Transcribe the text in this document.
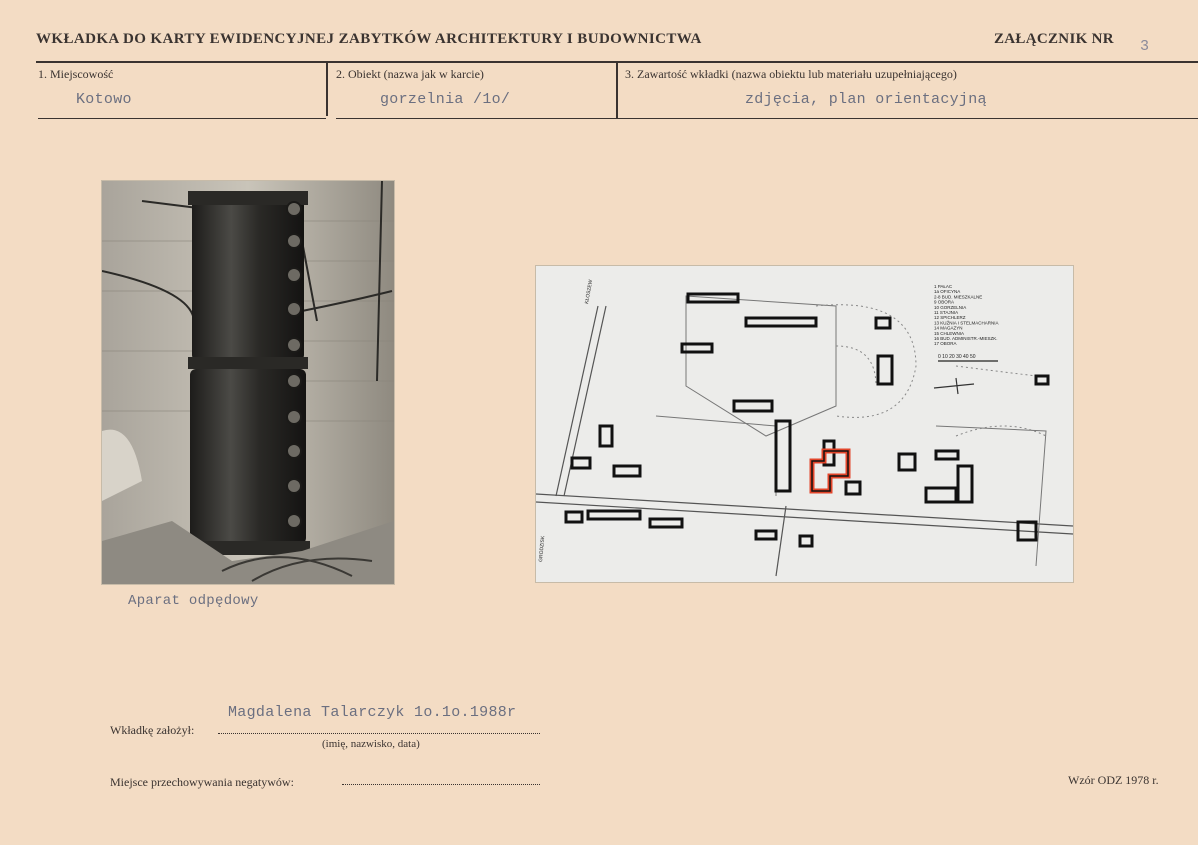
WKŁADKA DO KARTY EWIDENCYJNEJ ZABYTKÓW ARCHITEKTURY I BUDOWNICTWA	ZAŁĄCZNIK NR 3
1. Miejscowość	2. Obiekt (nazwa jak w karcie)	3. Zawartość wkładki (nazwa obiektu lub materiału uzupełniającego)
Kotowo	gorzelnia /1o/	zdjęcia, plan orientacyjną
Aparat odpędowy
1 PAŁAC
1a OFICYNA
2-8 BUD. MIESZKALNE
9 OBORA
10 GORZELNIA
11 STAJNIA
12 SPICHLERZ
13 KUŹNIA I STELMACHARNIA
14 MAGAZYN
15 CHLEWNIA
16 BUD. ADMINISTR.-MIESZK.
17 OBORA
0 10 20 30 40 50
KŁOSZEW
GRODZISK
Wkładkę założył:
Magdalena Talarczyk 1o.1o.1988r
(imię, nazwisko, data)
Miejsce przechowywania negatywów:	Wzór ODZ 1978 r.
